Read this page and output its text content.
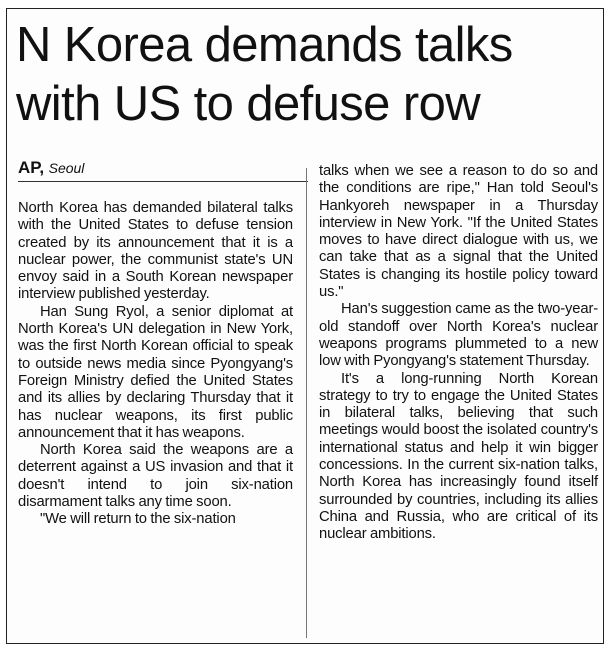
N Korea demands talks with US to defuse row
AP, Seoul

North Korea has demanded bilateral talks with the United States to defuse tension created by its announcement that it is a nuclear power, the communist state's UN envoy said in a South Korean newspaper interview published yesterday.

Han Sung Ryol, a senior diplomat at North Korea's UN delegation in New York, was the first North Korean official to speak to outside news media since Pyongyang's Foreign Ministry defied the United States and its allies by declaring Thursday that it has nuclear weapons, its first public announcement that it has weapons.

North Korea said the weapons are a deterrent against a US invasion and that it doesn't intend to join six-nation disarmament talks any time soon.

"We will return to the six-nation

talks when we see a reason to do so and the conditions are ripe," Han told Seoul's Hankyoreh newspaper in a Thursday interview in New York. "If the United States moves to have direct dialogue with us, we can take that as a signal that the United States is changing its hostile policy toward us."

Han's suggestion came as the two-year-old standoff over North Korea's nuclear weapons programs plummeted to a new low with Pyongyang's statement Thursday.

It's a long-running North Korean strategy to try to engage the United States in bilateral talks, believing that such meetings would boost the isolated country's international status and help it win bigger concessions. In the current six-nation talks, North Korea has increasingly found itself surrounded by countries, including its allies China and Russia, who are critical of its nuclear ambitions.
